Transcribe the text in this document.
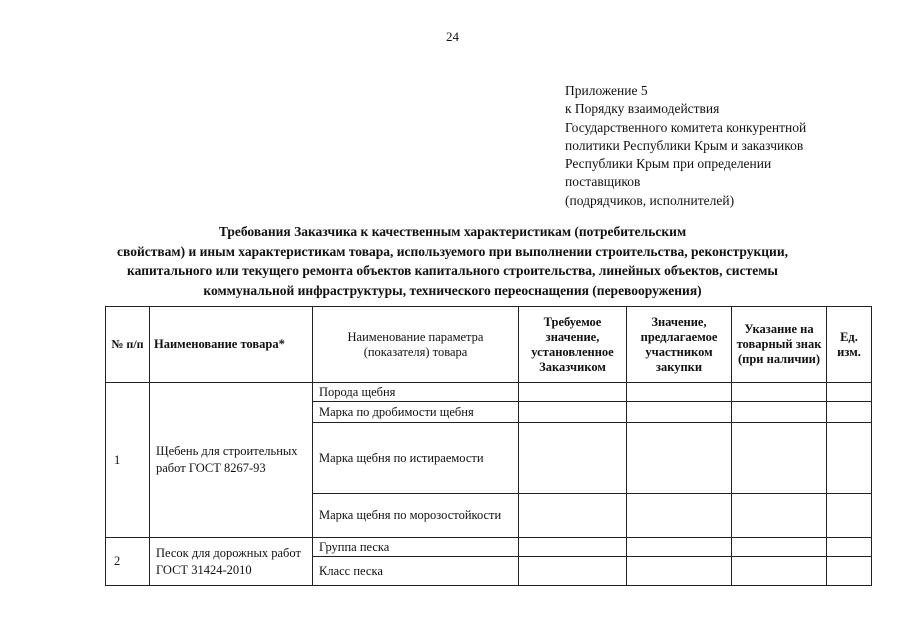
24
Приложение 5
к Порядку взаимодействия
Государственного комитета конкурентной
политики Республики Крым и заказчиков
Республики Крым при определении
поставщиков
(подрядчиков, исполнителей)
Требования Заказчика к качественным характеристикам (потребительским
свойствам) и иным характеристикам товара, используемого при выполнении строительства, реконструкции,
капитального или текущего ремонта объектов капитального строительства, линейных объектов, системы
коммунальной инфраструктуры, технического переоснащения (перевооружения)
№ п/п	Наименование товара*	Наименование параметра (показателя) товара	Требуемое значение, установленное Заказчиком	Значение, предлагаемое участником закупки	Указание на товарный знак (при наличии)	Ед. изм.
1	Щебень для строительных работ ГОСТ 8267-93	Порода щебня				
		Марка по дробимости щебня				
		Марка щебня по истираемости				
		Марка щебня по морозостойкости				
2	Песок для дорожных работ ГОСТ 31424-2010	Группа песка				
		Класс песка				
